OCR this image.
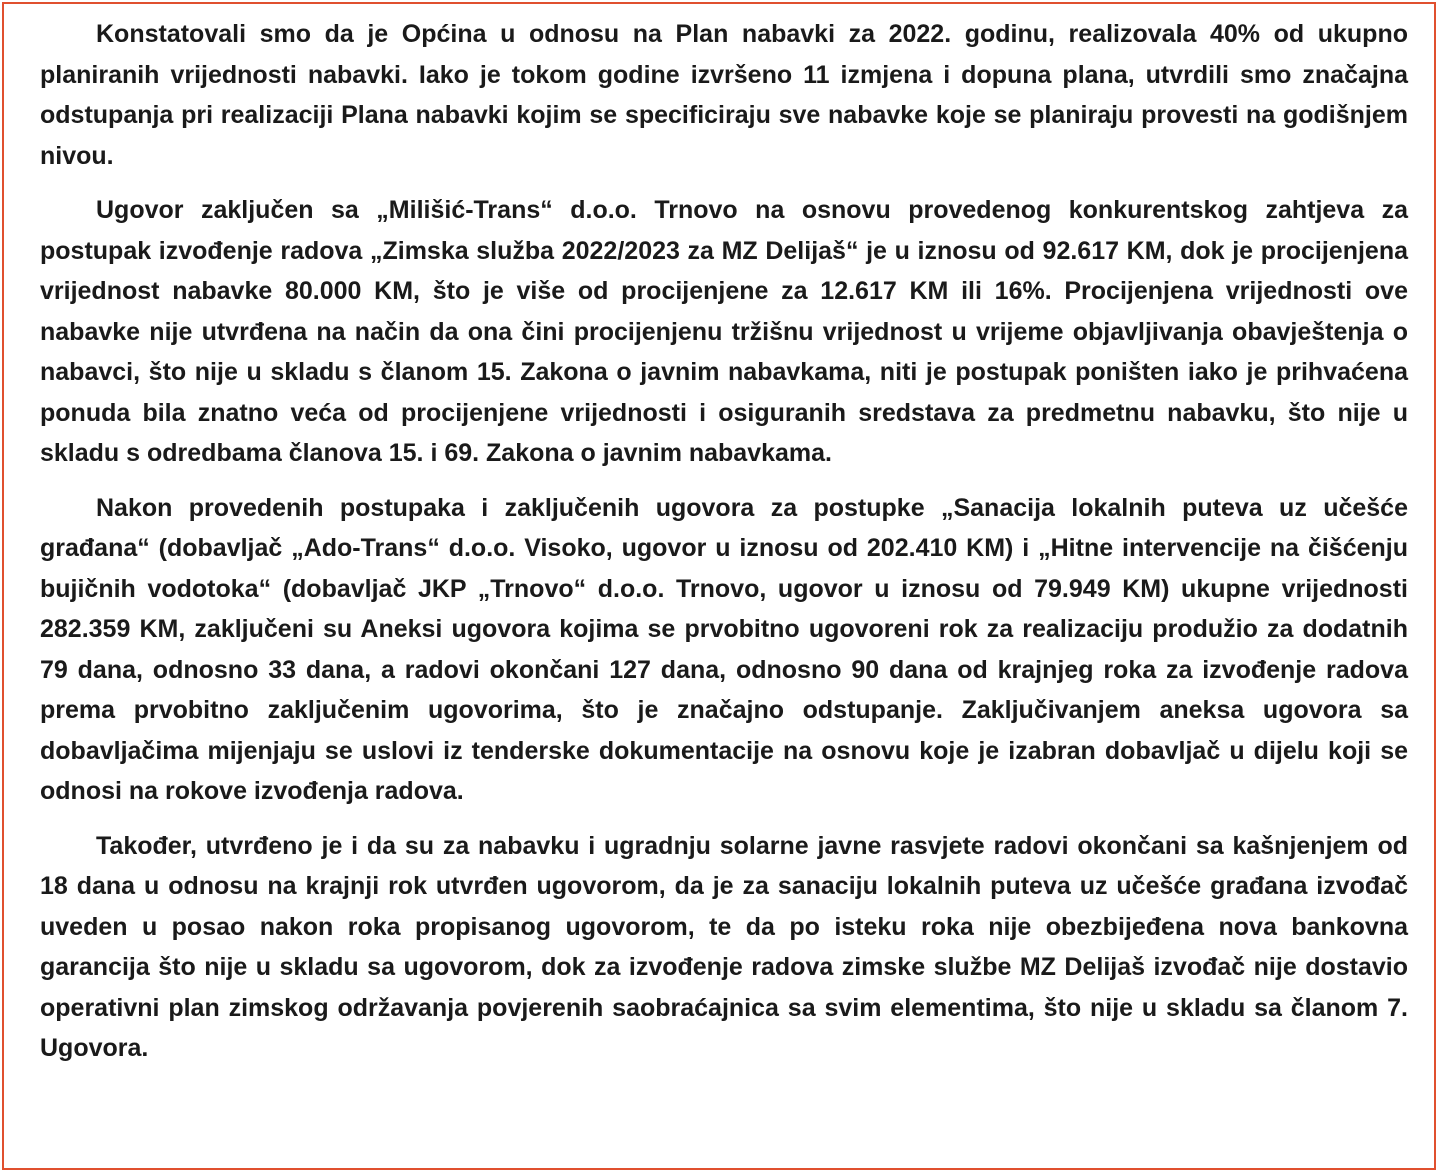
Konstatovali smo da je Općina u odnosu na Plan nabavki za 2022. godinu, realizovala 40% od ukupno planiranih vrijednosti nabavki. Iako je tokom godine izvršeno 11 izmjena i dopuna plana, utvrdili smo značajna odstupanja pri realizaciji Plana nabavki kojim se specificiraju sve nabavke koje se planiraju provesti na godišnjem nivou.

Ugovor zaključen sa „Milišić-Trans“ d.o.o. Trnovo na osnovu provedenog konkurentskog zahtjeva za postupak izvođenje radova „Zimska služba 2022/2023 za MZ Delijaš“ je u iznosu od 92.617 KM, dok je procijenjena vrijednost nabavke 80.000 KM, što je više od procijenjene za 12.617 KM ili 16%. Procijenjena vrijednosti ove nabavke nije utvrđena na način da ona čini procijenjenu tržišnu vrijednost u vrijeme objavljivanja obavještenja o nabavci, što nije u skladu s članom 15. Zakona o javnim nabavkama, niti je postupak poništen iako je prihvaćena ponuda bila znatno veća od procijenjene vrijednosti i osiguranih sredstava za predmetnu nabavku, što nije u skladu s odredbama članova 15. i 69. Zakona o javnim nabavkama.

Nakon provedenih postupaka i zaključenih ugovora za postupke „Sanacija lokalnih puteva uz učešće građana“ (dobavljač „Ado-Trans“ d.o.o. Visoko, ugovor u iznosu od 202.410 KM) i „Hitne intervencije na čišćenju bujičnih vodotoka“ (dobavljač JKP „Trnovo“ d.o.o. Trnovo, ugovor u iznosu od 79.949 KM) ukupne vrijednosti 282.359 KM, zaključeni su Aneksi ugovora kojima se prvobitno ugovoreni rok za realizaciju produžio za dodatnih 79 dana, odnosno 33 dana, a radovi okončani 127 dana, odnosno 90 dana od krajnjeg roka za izvođenje radova prema prvobitno zaključenim ugovorima, što je značajno odstupanje. Zaključivanjem aneksa ugovora sa dobavljačima mijenjaju se uslovi iz tenderske dokumentacije na osnovu koje je izabran dobavljač u dijelu koji se odnosi na rokove izvođenja radova.

Također, utvrđeno je i da su za nabavku i ugradnju solarne javne rasvjete radovi okončani sa kašnjenjem od 18 dana u odnosu na krajnji rok utvrđen ugovorom, da je za sanaciju lokalnih puteva uz učešće građana izvođač uveden u posao nakon roka propisanog ugovorom, te da po isteku roka nije obezbijeđena nova bankovna garancija što nije u skladu sa ugovorom, dok za izvođenje radova zimske službe MZ Delijaš izvođač nije dostavio operativni plan zimskog održavanja povjerenih saobraćajnica sa svim elementima, što nije u skladu sa članom 7. Ugovora.
